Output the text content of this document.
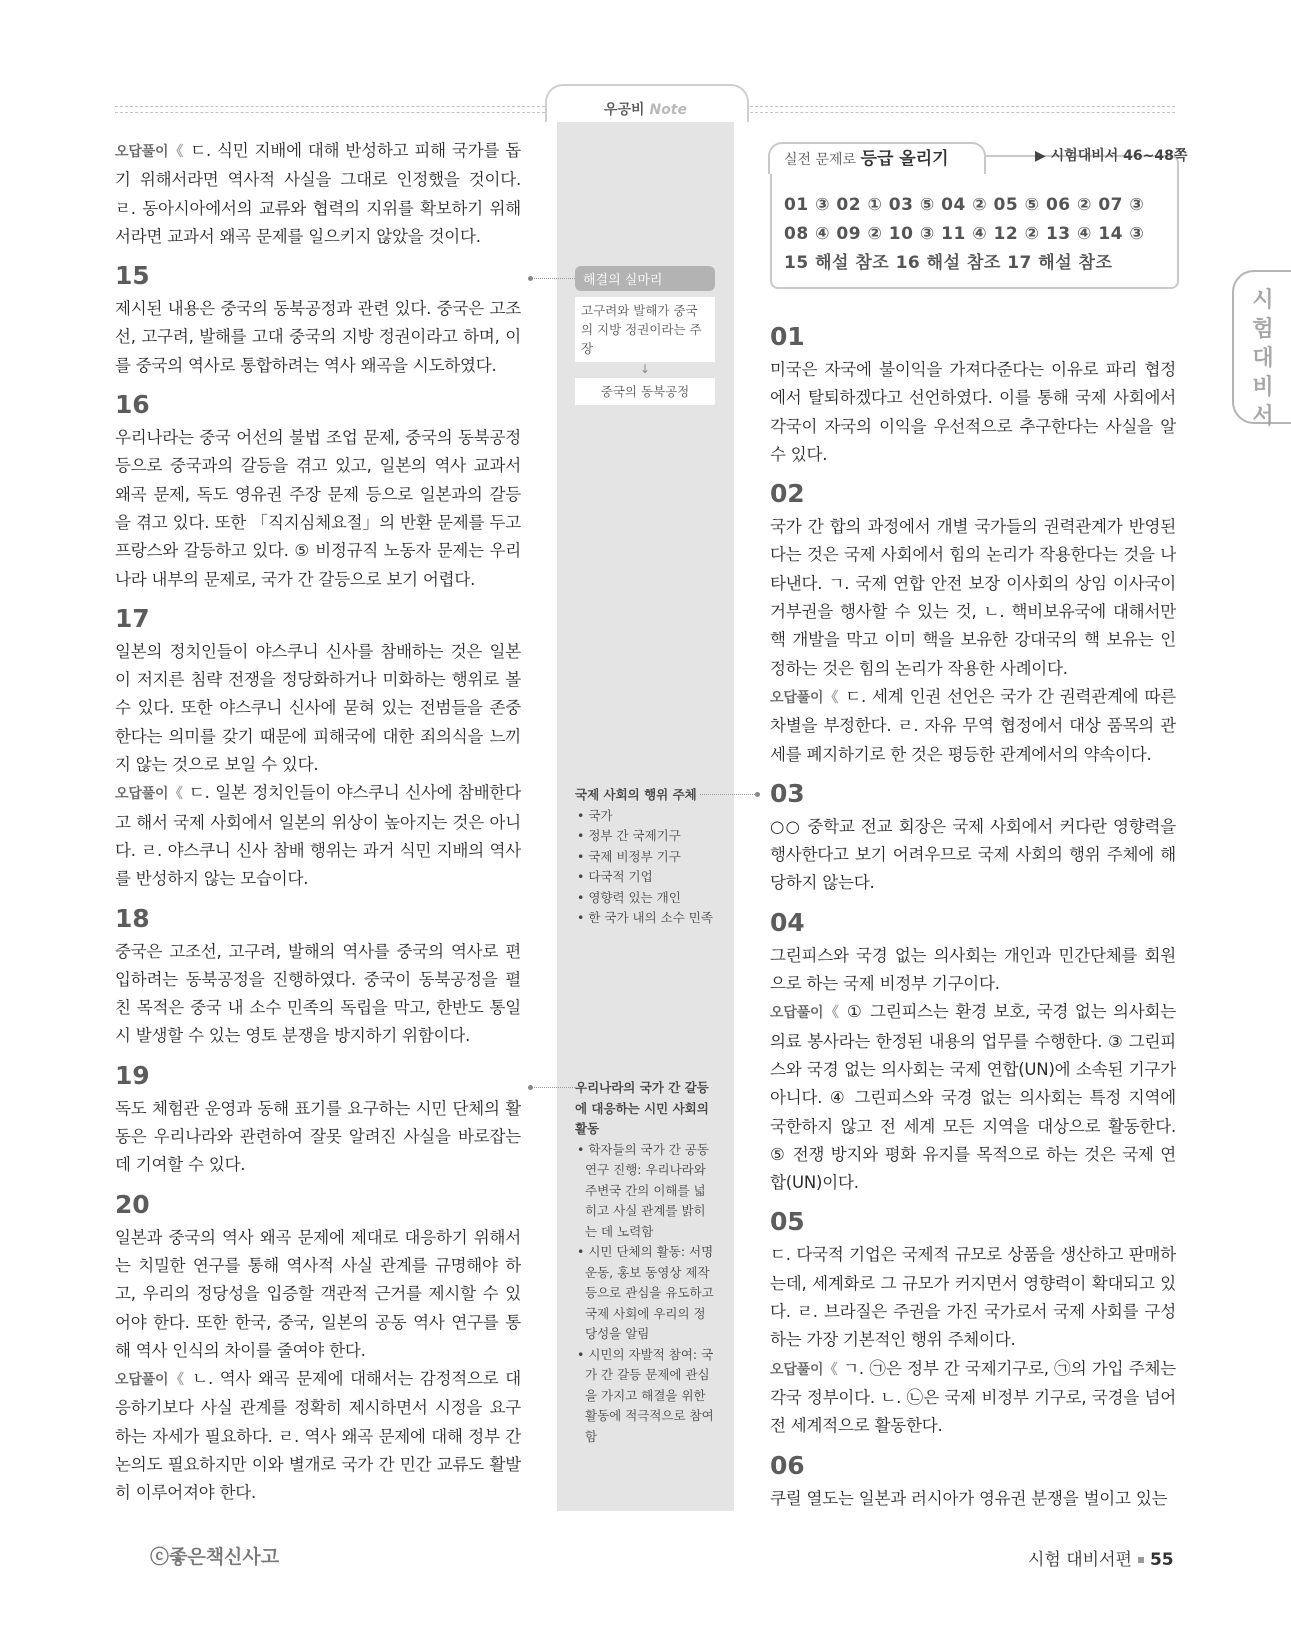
우공비 Note

오답풀이《 ㄷ. 식민 지배에 대해 반성하고 피해 국가를 돕기 위해서라면 역사적 사실을 그대로 인정했을 것이다. ㄹ. 동아시아에서의 교류와 협력의 지위를 확보하기 위해서라면 교과서 왜곡 문제를 일으키지 않았을 것이다.

15

제시된 내용은 중국의 동북공정과 관련 있다. 중국은 고조선, 고구려, 발해를 고대 중국의 지방 정권이라고 하며, 이를 중국의 역사로 통합하려는 역사 왜곡을 시도하였다.

16

우리나라는 중국 어선의 불법 조업 문제, 중국의 동북공정 등으로 중국과의 갈등을 겪고 있고, 일본의 역사 교과서 왜곡 문제, 독도 영유권 주장 문제 등으로 일본과의 갈등을 겪고 있다. 또한 「직지심체요절」의 반환 문제를 두고 프랑스와 갈등하고 있다. ⑤ 비정규직 노동자 문제는 우리나라 내부의 문제로, 국가 간 갈등으로 보기 어렵다.

17

일본의 정치인들이 야스쿠니 신사를 참배하는 것은 일본이 저지른 침략 전쟁을 정당화하거나 미화하는 행위로 볼 수 있다. 또한 야스쿠니 신사에 묻혀 있는 전범들을 존중한다는 의미를 갖기 때문에 피해국에 대한 죄의식을 느끼지 않는 것으로 보일 수 있다.

오답풀이《 ㄷ. 일본 정치인들이 야스쿠니 신사에 참배한다고 해서 국제 사회에서 일본의 위상이 높아지는 것은 아니다. ㄹ. 야스쿠니 신사 참배 행위는 과거 식민 지배의 역사를 반성하지 않는 모습이다.

18

중국은 고조선, 고구려, 발해의 역사를 중국의 역사로 편입하려는 동북공정을 진행하였다. 중국이 동북공정을 펼친 목적은 중국 내 소수 민족의 독립을 막고, 한반도 통일 시 발생할 수 있는 영토 분쟁을 방지하기 위함이다.

19

독도 체험관 운영과 동해 표기를 요구하는 시민 단체의 활동은 우리나라와 관련하여 잘못 알려진 사실을 바로잡는 데 기여할 수 있다.

20

일본과 중국의 역사 왜곡 문제에 제대로 대응하기 위해서는 치밀한 연구를 통해 역사적 사실 관계를 규명해야 하고, 우리의 정당성을 입증할 객관적 근거를 제시할 수 있어야 한다. 또한 한국, 중국, 일본의 공동 역사 연구를 통해 역사 인식의 차이를 줄여야 한다.

오답풀이《 ㄴ. 역사 왜곡 문제에 대해서는 감정적으로 대응하기보다 사실 관계를 정확히 제시하면서 시정을 요구하는 자세가 필요하다. ㄹ. 역사 왜곡 문제에 대해 정부 간 논의도 필요하지만 이와 별개로 국가 간 민간 교류도 활발히 이루어져야 한다.

해결의 실마리
고구려와 발해가 중국의 지방 정권이라는 주장
↓
중국의 동북공정
국제 사회의 행위 주체
• 국가
• 정부 간 국제기구
• 국제 비정부 기구
• 다국적 기업
• 영향력 있는 개인
• 한 국가 내의 소수 민족
우리나라의 국가 간 갈등에 대응하는 시민 사회의 활동
• 학자들의 국가 간 공동 연구 진행: 우리나라와 주변국 간의 이해를 넓히고 사실 관계를 밝히는 데 노력함
• 시민 단체의 활동: 서명 운동, 홍보 동영상 제작 등으로 관심을 유도하고 국제 사회에 우리의 정당성을 알림
• 시민의 자발적 참여: 국가 간 갈등 문제에 관심을 가지고 해결을 위한 활동에 적극적으로 참여함
실전 문제로 등급 올리기	▶ 시험대비서 46~48쪽
01 ③ 02 ① 03 ⑤ 04 ② 05 ⑤ 06 ② 07 ③
08 ④ 09 ② 10 ③ 11 ④ 12 ② 13 ④ 14 ③
15 해설 참조 16 해설 참조 17 해설 참조
01

미국은 자국에 불이익을 가져다준다는 이유로 파리 협정에서 탈퇴하겠다고 선언하였다. 이를 통해 국제 사회에서 각국이 자국의 이익을 우선적으로 추구한다는 사실을 알 수 있다.

02

국가 간 합의 과정에서 개별 국가들의 권력관계가 반영된다는 것은 국제 사회에서 힘의 논리가 작용한다는 것을 나타낸다. ㄱ. 국제 연합 안전 보장 이사회의 상임 이사국이 거부권을 행사할 수 있는 것, ㄴ. 핵비보유국에 대해서만 핵 개발을 막고 이미 핵을 보유한 강대국의 핵 보유는 인정하는 것은 힘의 논리가 작용한 사례이다.

오답풀이《 ㄷ. 세계 인권 선언은 국가 간 권력관계에 따른 차별을 부정한다. ㄹ. 자유 무역 협정에서 대상 품목의 관세를 폐지하기로 한 것은 평등한 관계에서의 약속이다.

03

○○ 중학교 전교 회장은 국제 사회에서 커다란 영향력을 행사한다고 보기 어려우므로 국제 사회의 행위 주체에 해당하지 않는다.

04

그린피스와 국경 없는 의사회는 개인과 민간단체를 회원으로 하는 국제 비정부 기구이다.

오답풀이《 ① 그린피스는 환경 보호, 국경 없는 의사회는 의료 봉사라는 한정된 내용의 업무를 수행한다. ③ 그린피스와 국경 없는 의사회는 국제 연합(UN)에 소속된 기구가 아니다. ④ 그린피스와 국경 없는 의사회는 특정 지역에 국한하지 않고 전 세계 모든 지역을 대상으로 활동한다. ⑤ 전쟁 방지와 평화 유지를 목적으로 하는 것은 국제 연합(UN)이다.

05

ㄷ. 다국적 기업은 국제적 규모로 상품을 생산하고 판매하는데, 세계화로 그 규모가 커지면서 영향력이 확대되고 있다. ㄹ. 브라질은 주권을 가진 국가로서 국제 사회를 구성하는 가장 기본적인 행위 주체이다.

오답풀이《 ㄱ. ㉠은 정부 간 국제기구로, ㉠의 가입 주체는 각국 정부이다. ㄴ. ㉡은 국제 비정부 기구로, 국경을 넘어 전 세계적으로 활동한다.

06

쿠릴 열도는 일본과 러시아가 영유권 분쟁을 벌이고 있는

시험대비서
ⓒ좋은책신사고	시험 대비서편 55
